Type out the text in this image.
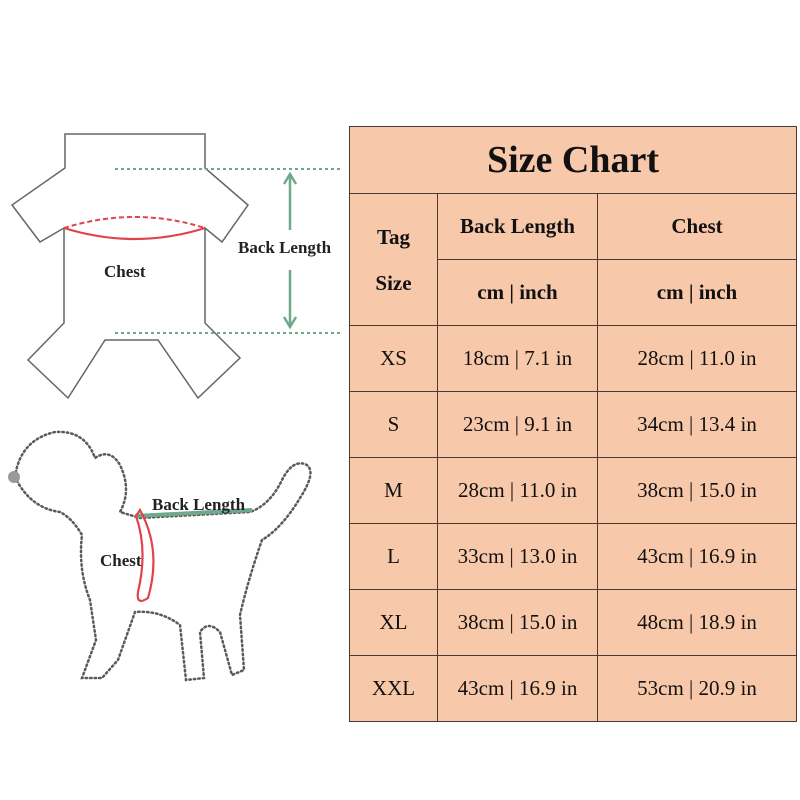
Chest
Back Length
Chest
Back Length
Size Chart		
Tag
Size	Back Length	Chest
	cm | inch	cm | inch
XS	18cm | 7.1 in	28cm | 11.0 in
S	23cm | 9.1 in	34cm | 13.4 in
M	28cm | 11.0 in	38cm | 15.0 in
L	33cm | 13.0 in	43cm | 16.9 in
XL	38cm | 15.0 in	48cm | 18.9 in
XXL	43cm | 16.9 in	53cm | 20.9 in
